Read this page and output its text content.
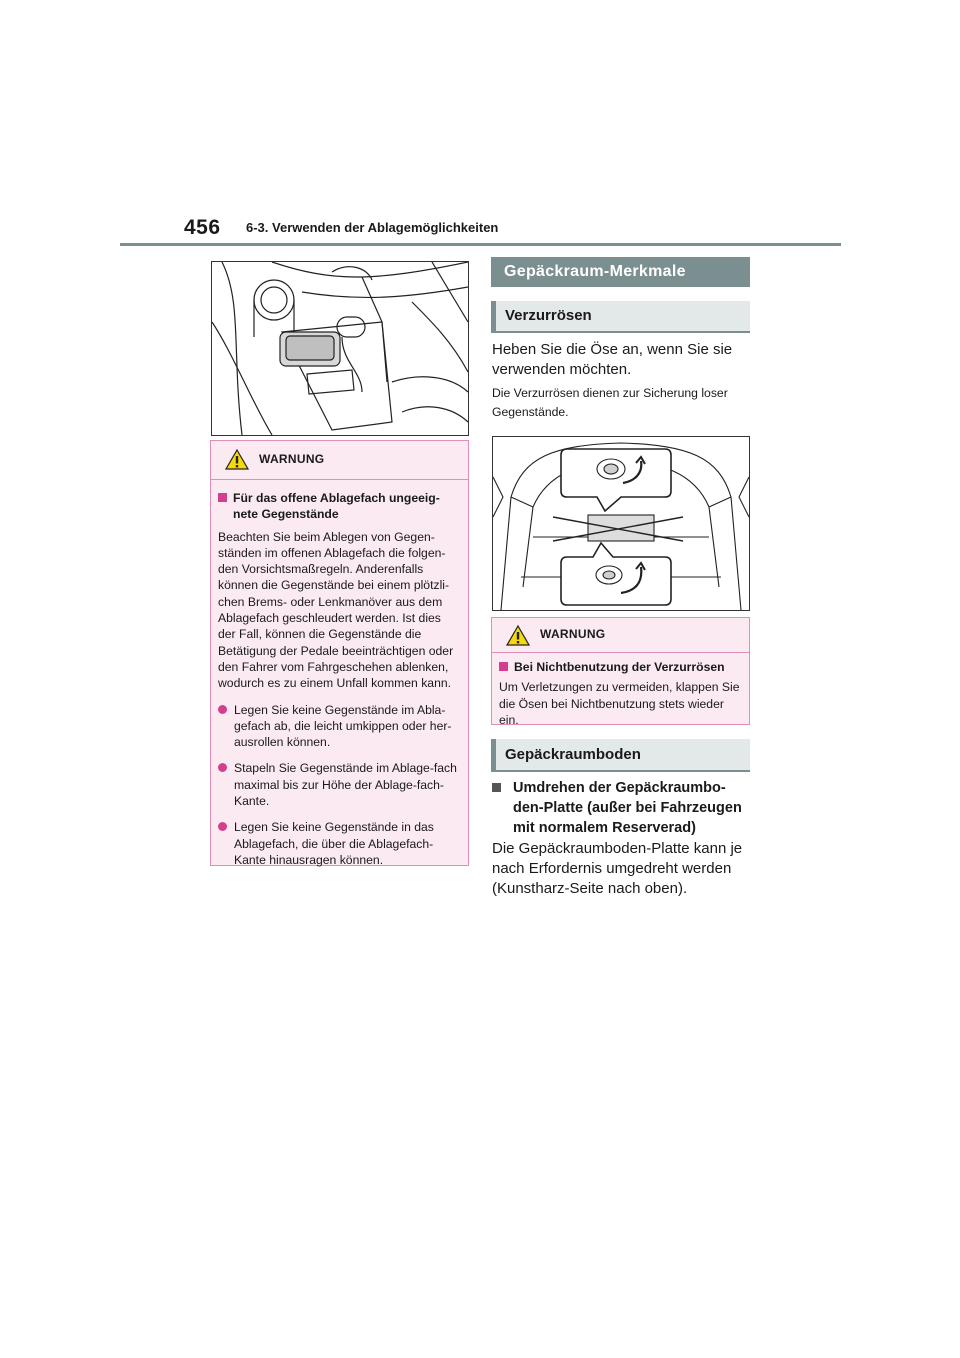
456 6-3. Verwenden der Ablagemöglichkeiten
WARNUNG
Für das offene Ablagefach ungeeig-nete Gegenstände

Beachten Sie beim Ablegen von Gegen-ständen im offenen Ablagefach die folgen-den Vorsichtsmaßregeln. Anderenfalls können die Gegenstände bei einem plötzli-chen Brems- oder Lenkmanöver aus dem Ablagefach geschleudert werden. Ist dies der Fall, können die Gegenstände die Betätigung der Pedale beeinträchtigen oder den Fahrer vom Fahrgeschehen ablenken, wodurch es zu einem Unfall kommen kann.

Legen Sie keine Gegenstände im Abla-gefach ab, die leicht umkippen oder her-ausrollen können.
Stapeln Sie Gegenstände im Ablage-fach maximal bis zur Höhe der Ablage-fach-Kante.
Legen Sie keine Gegenstände in das Ablagefach, die über die Ablagefach-Kante hinausragen können.
Gepäckraum-Merkmale
Verzurrösen
Heben Sie die Öse an, wenn Sie sie verwenden möchten.
Die Verzurrösen dienen zur Sicherung loser Gegenstände.
WARNUNG
Bei Nichtbenutzung der Verzurrösen

Um Verletzungen zu vermeiden, klappen Sie die Ösen bei Nichtbenutzung stets wieder ein.

Gepäckraumboden
Umdrehen der Gepäckraumbo-den-Platte (außer bei Fahrzeugen mit normalem Reserverad)
Die Gepäckraumboden-Platte kann je nach Erfordernis umgedreht werden (Kunstharz-Seite nach oben).
